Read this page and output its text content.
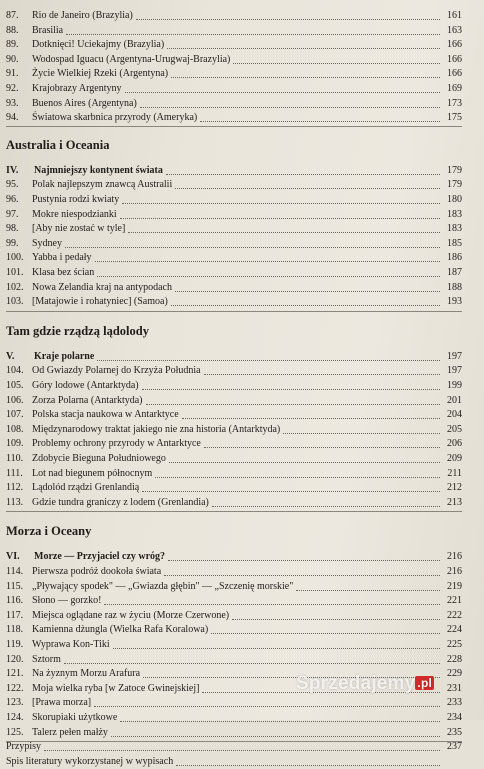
87.	Rio de Janeiro (Brazylia)	161
88.	Brasilia	163
89.	Dotknięci! Uciekajmy (Brazylia)	166
90.	Wodospad Iguacu (Argentyna-Urugwaj-Brazylia)	166
91.	Życie Wielkiej Rzeki (Argentyna)	166
92.	Krajobrazy Argentyny	169
93.	Buenos Aires (Argentyna)	173
94.	Światowa skarbnica przyrody (Ameryka)	175
Australia i Oceania
IV.	Najmniejszy kontynent świata	179
95.	Polak najlepszym znawcą Australii	179
96.	Pustynia rodzi kwiaty	180
97.	Mokre niespodzianki	183
98.	[Aby nie zostać w tyle]	183
99.	Sydney	185
100. Yabba i pedały	186
101. Klasa bez ścian	187
102. Nowa Zelandia kraj na antypodach	188
103. [Matajowie i rohatyniec] (Samoa)	193
Tam gdzie rządzą lądolody
V.	Kraje polarne	197
104. Od Gwiazdy Polarnej do Krzyża Południa	197
105. Góry lodowe (Antarktyda)	199
106. Zorza Polarna (Antarktyda)	201
107. Polska stacja naukowa w Antarktyce	204
108. Międzynarodowy traktat jakiego nie zna historia (Antarktyda)	205
109. Problemy ochrony przyrody w Antarktyce	206
110. Zdobycie Bieguna Południowego	209
111. Lot nad biegunem północnym	211
112. Lądolód rządzi Grenlandią	212
113. Gdzie tundra graniczy z lodem (Grenlandia)	213
Morza i Oceany
VI.	Morze — Przyjaciel czy wróg?	216
114. Pierwsza podróż dookoła świata	216
115. „Pływający spodek" — „Gwiazda głębin" — „Szczenię morskie"	219
116. Słono — gorzko!	221
117. Miejsca oglądane raz w życiu (Morze Czerwone)	222
118. Kamienna dżungla (Wielka Rafa Koralowa)	224
119. Wyprawa Kon-Tiki	225
120. Sztorm	228
121. Na żyznym Morzu Arafura	229
122. Moja wielka ryba [w Zatoce Gwinejskiej]	231
123. [Prawa morza]	233
124. Skorupiaki użytkowe	234
125. Talerz pełen małży	235
Przypisy	237
Spis literatury wykorzystanej w wypisach
Sprzedajemy .pl
